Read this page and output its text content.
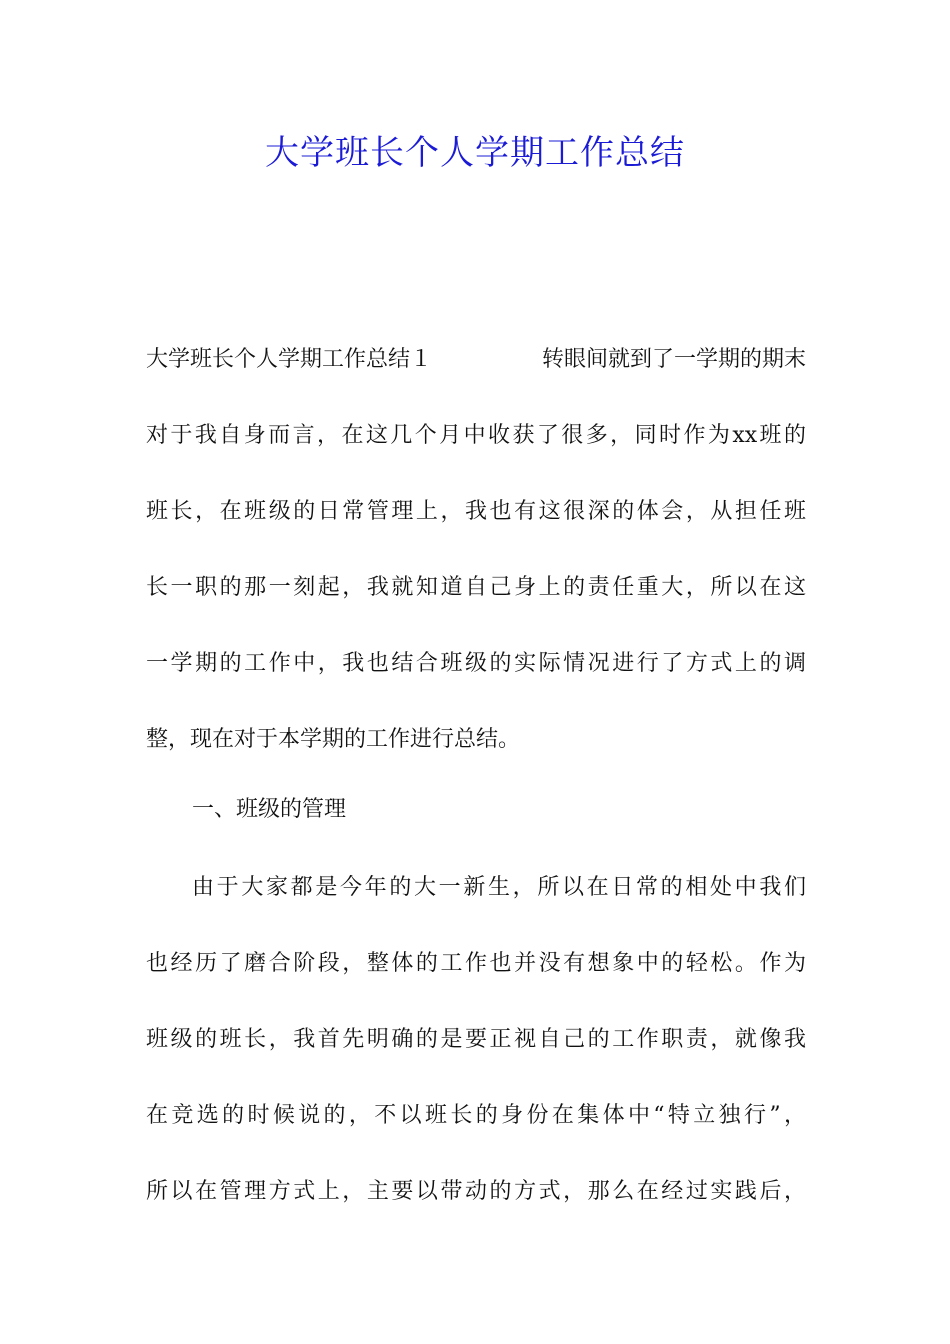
大学班长个人学期工作总结
大学班长个人学期工作总结１	转眼间就到了一学期的期末
对于我自身而言，在这几个月中收获了很多，同时作为xx班的
班长，在班级的日常管理上，我也有这很深的体会，从担任班
长一职的那一刻起，我就知道自己身上的责任重大，所以在这
一学期的工作中，我也结合班级的实际情况进行了方式上的调
整，现在对于本学期的工作进行总结。
一、班级的管理
由于大家都是今年的大一新生，所以在日常的相处中我们
也经历了磨合阶段，整体的工作也并没有想象中的轻松。作为
班级的班长，我首先明确的是要正视自己的工作职责，就像我
在竞选的时候说的，不以班长的身份在集体中“特立独行”，
所以在管理方式上，主要以带动的方式，那么在经过实践后，
